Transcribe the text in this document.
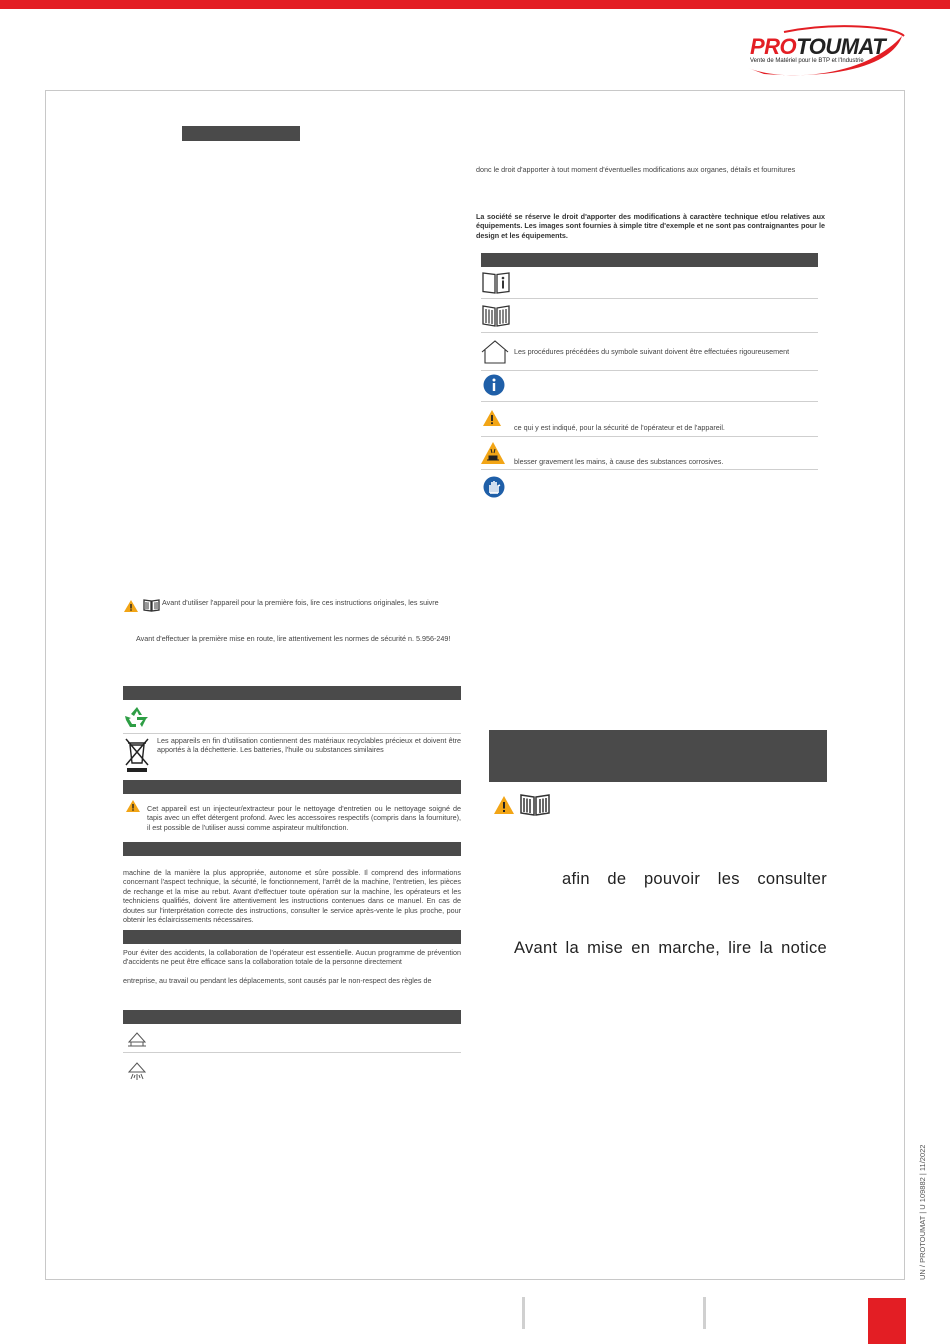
PROTOUMAT
Vente de Matériel pour le BTP et l'Industrie
Avant d'utiliser l'appareil pour la première fois, lire ces instructions originales, les suivre
Avant d'effectuer la première mise en route, lire attentivement les normes de sécurité n. 5.956-249!
Les appareils en fin d'utilisation contiennent des matériaux recyclables précieux et doivent être apportés à la déchetterie. Les batteries, l'huile ou substances similaires
Cet appareil est un injecteur/extracteur pour le nettoyage d'entretien ou le nettoyage soigné de tapis avec un effet détergent profond. Avec les accessoires respectifs (compris dans la fourniture), il est possible de l'utiliser aussi comme aspirateur multifonction.
machine de la manière la plus appropriée, autonome et sûre possible. Il comprend des informations concernant l'aspect technique, la sécurité, le fonctionnement, l'arrêt de la machine, l'entretien, les pièces de rechange et la mise au rebut. Avant d'effectuer toute opération sur la machine, les opérateurs et les techniciens qualifiés, doivent lire attentivement les instructions contenues dans ce manuel. En cas de doutes sur l'interprétation correcte des instructions, consulter le service après-vente le plus proche, pour obtenir les éclaircissements nécessaires.
Pour éviter des accidents, la collaboration de l'opérateur est essentielle. Aucun programme de prévention d'accidents ne peut être efficace sans la collaboration totale de la personne directement
entreprise, au travail ou pendant les déplacements, sont causés par le non-respect des règles de
donc le droit d'apporter à tout moment d'éventuelles modifications aux organes, détails et fournitures
La société se réserve le droit d'apporter des modifications à caractère technique et/ou relatives aux équipements. Les images sont fournies à simple titre d'exemple et ne sont pas contraignantes pour le design et les équipements.
Les procédures précédées du symbole suivant doivent être effectuées rigoureusement
ce qui y est indiqué, pour la sécurité de l'opérateur et de l'appareil.
blesser gravement les mains, à cause des substances corrosives.
afin de pouvoir les consulter
Avant la mise en marche, lire la notice
UN / PROTOUMAT | U 109882 | 11/2022
